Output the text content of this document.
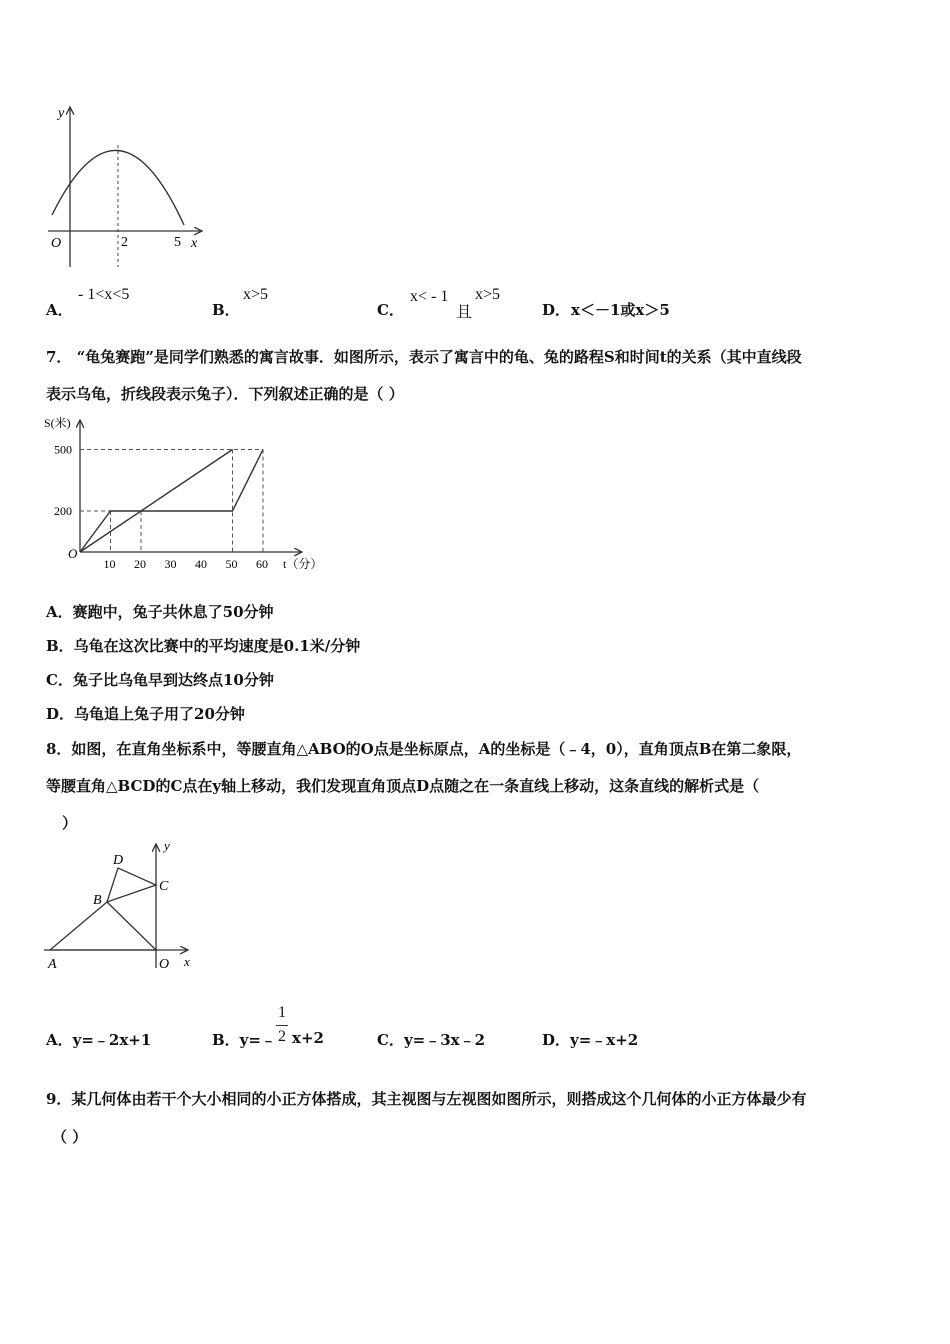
y
O	2	5 x
A．
- 1<x<5
B．
x>5
C．
x< - 1
且
x>5
D． x＜－1或x＞5
7． “龟兔赛跑”是同学们熟悉的寓言故事．如图所示，表示了寓言中的龟、兔的路程S和时间t的关系（其中直线段
表示乌龟，折线段表示兔子）．下列叙述正确的是（ ）
S(米)
t（分）
O
10 20 30 40 50 60
200
500
A．赛跑中，兔子共休息了50分钟
B．乌龟在这次比赛中的平均速度是0.1米/分钟
C．兔子比乌龟早到达终点10分钟
D．乌龟追上兔子用了20分钟
8．如图，在直角坐标系中，等腰直角△ABO的O点是坐标原点，A的坐标是（﹣4，0），直角顶点B在第二象限，
等腰直角△BCD的C点在y轴上移动，我们发现直角顶点D点随之在一条直线上移动，这条直线的解析式是（
）
D
C
B
A	O x
y
A．y=﹣2x+1	B．y=﹣
1
2 x+2	C．y=﹣3x﹣2	D．y=﹣x+2
9．某几何体由若干个大小相同的小正方体搭成，其主视图与左视图如图所示，则搭成这个几何体的小正方体最少有
（ ）
